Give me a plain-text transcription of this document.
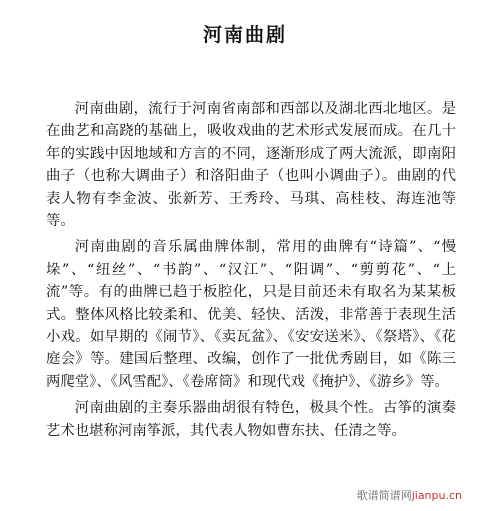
河南曲剧

河南曲剧，流行于河南省南部和西部以及湖北西北地区。是在曲艺和高跷的基础上，吸收戏曲的艺术形式发展而成。在几十年的实践中因地域和方言的不同，逐渐形成了两大流派，即南阳曲子（也称大调曲子）和洛阳曲子（也叫小调曲子）。曲剧的代表人物有李金波、张新芳、王秀玲、马琪、高桂枝、海连池等等。

河南曲剧的音乐属曲牌体制，常用的曲牌有“诗篇”、“慢垛”、“纽丝”、“书韵”、“汉江”、“阳调”、“剪剪花”、“上流”等。有的曲牌已趋于板腔化，只是目前还未有取名为某某板式。整体风格比较柔和、优美、轻快、活泼，非常善于表现生活小戏。如早期的《闹节》、《卖瓦盆》、《安安送米》、《祭塔》、《花庭会》等。建国后整理、改编，创作了一批优秀剧目，如《陈三两爬堂》、《风雪配》、《卷席筒》和现代戏《掩护》、《游乡》等。

河南曲剧的主奏乐器曲胡很有特色，极具个性。古筝的演奏艺术也堪称河南筝派，其代表人物如曹东扶、任清之等。

歌谱简谱网jianpu.cn
